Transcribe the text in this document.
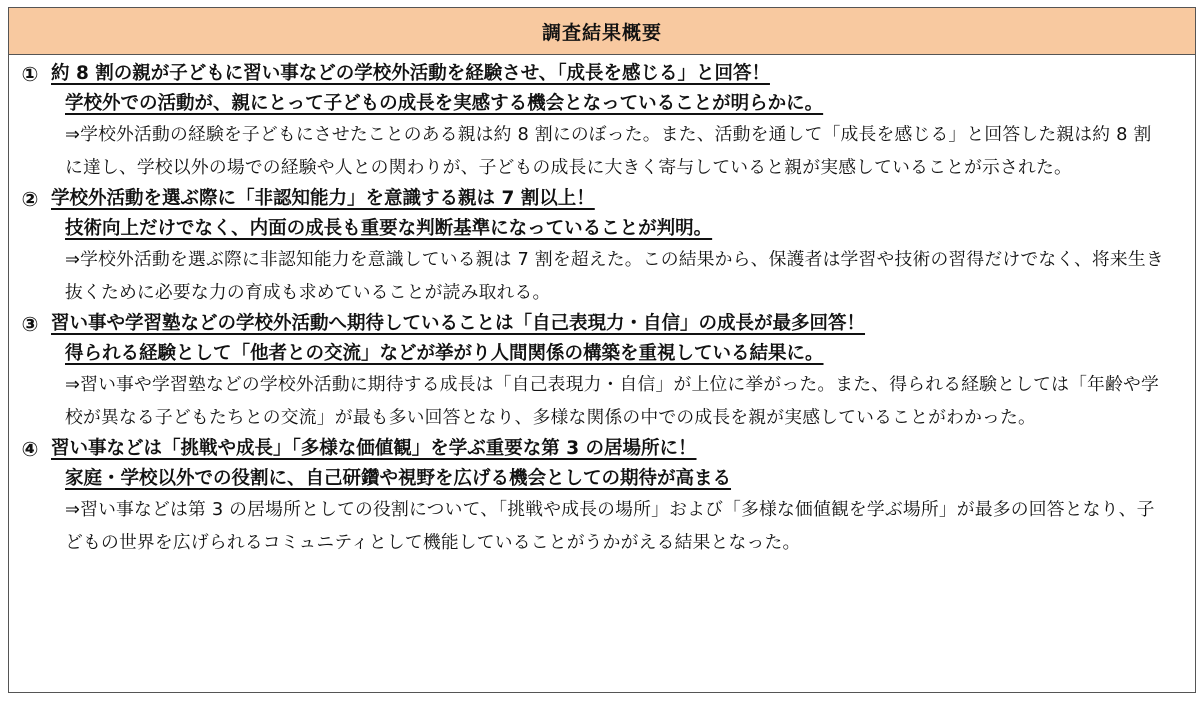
調査結果概要
① 約 8 割の親が子どもに習い事などの学校外活動を経験させ、「成長を感じる」と回答！
学校外での活動が、親にとって子どもの成長を実感する機会となっていることが明らかに。
⇒学校外活動の経験を子どもにさせたことのある親は約 8 割にのぼった。また、活動を通して「成長を感じる」と回答した親は約 8 割に達し、学校以外の場での経験や人との関わりが、子どもの成長に大きく寄与していると親が実感していることが示された。
② 学校外活動を選ぶ際に「非認知能力」を意識する親は 7 割以上！
技術向上だけでなく、内面の成長も重要な判断基準になっていることが判明。
⇒学校外活動を選ぶ際に非認知能力を意識している親は 7 割を超えた。この結果から、保護者は学習や技術の習得だけでなく、将来生き抜くために必要な力の育成も求めていることが読み取れる。
③ 習い事や学習塾などの学校外活動へ期待していることは「自己表現力・自信」の成長が最多回答！
得られる経験として「他者との交流」などが挙がり人間関係の構築を重視している結果に。
⇒習い事や学習塾などの学校外活動に期待する成長は「自己表現力・自信」が上位に挙がった。また、得られる経験としては「年齢や学校が異なる子どもたちとの交流」が最も多い回答となり、多様な関係の中での成長を親が実感していることがわかった。
④ 習い事などは「挑戦や成長」「多様な価値観」を学ぶ重要な第 3 の居場所に！
家庭・学校以外での役割に、自己研鑽や視野を広げる機会としての期待が高まる
⇒習い事などは第 3 の居場所としての役割について、「挑戦や成長の場所」および「多様な価値観を学ぶ場所」が最多の回答となり、子どもの世界を広げられるコミュニティとして機能していることがうかがえる結果となった。
